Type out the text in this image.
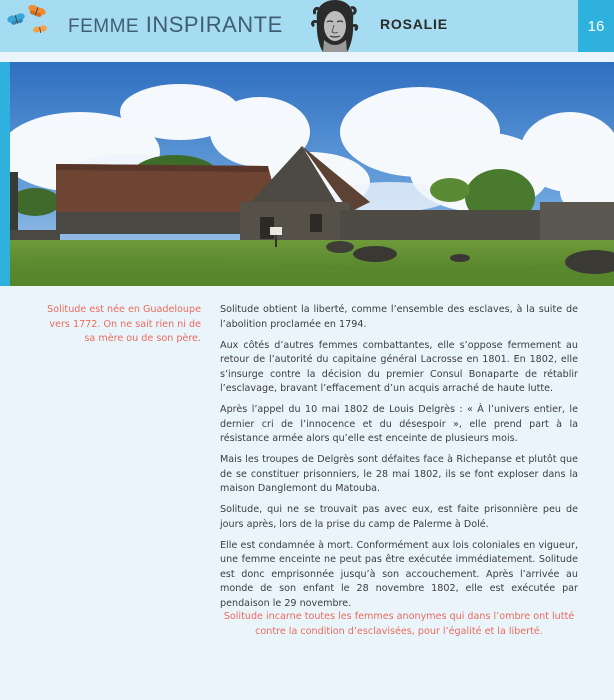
FEMME INSPIRANTE	ROSALIE	16
Solitude est née en Guadeloupe vers 1772. On ne sait rien ni de sa mère ou de son père.

Solitude obtient la liberté, comme l’ensemble des esclaves, à la suite de l’abolition proclamée en 1794.

Aux côtés d’autres femmes combattantes, elle s’oppose fermement au retour de l’autorité du capitaine général Lacrosse en 1801. En 1802, elle s’insurge contre la décision du premier Consul Bonaparte de rétablir l’esclavage, bravant l’effacement d’un acquis arraché de haute lutte.

Après l’appel du 10 mai 1802 de Louis Delgrès : « À l’univers entier, le dernier cri de l’innocence et du désespoir », elle prend part à la résistance armée alors qu’elle est enceinte de plusieurs mois.

Mais les troupes de Delgrès sont défaites face à Richepanse et plutôt que de se constituer prisonniers, le 28 mai 1802, ils se font exploser dans la maison Danglemont du Matouba.

Solitude, qui ne se trouvait pas avec eux, est faite prisonnière peu de jours après, lors de la prise du camp de Palerme à Dolé.

Elle est condamnée à mort. Conformément aux lois coloniales en vigueur, une femme enceinte ne peut pas être exécutée immédiatement. Solitude est donc emprisonnée jusqu’à son accouchement. Après l’arrivée au monde de son enfant le 28 novembre 1802, elle est exécutée par pendaison le 29 novembre.

Solitude incarne toutes les femmes anonymes qui dans l’ombre ont lutté contre la condition d’esclavisées, pour l’égalité et la liberté.
